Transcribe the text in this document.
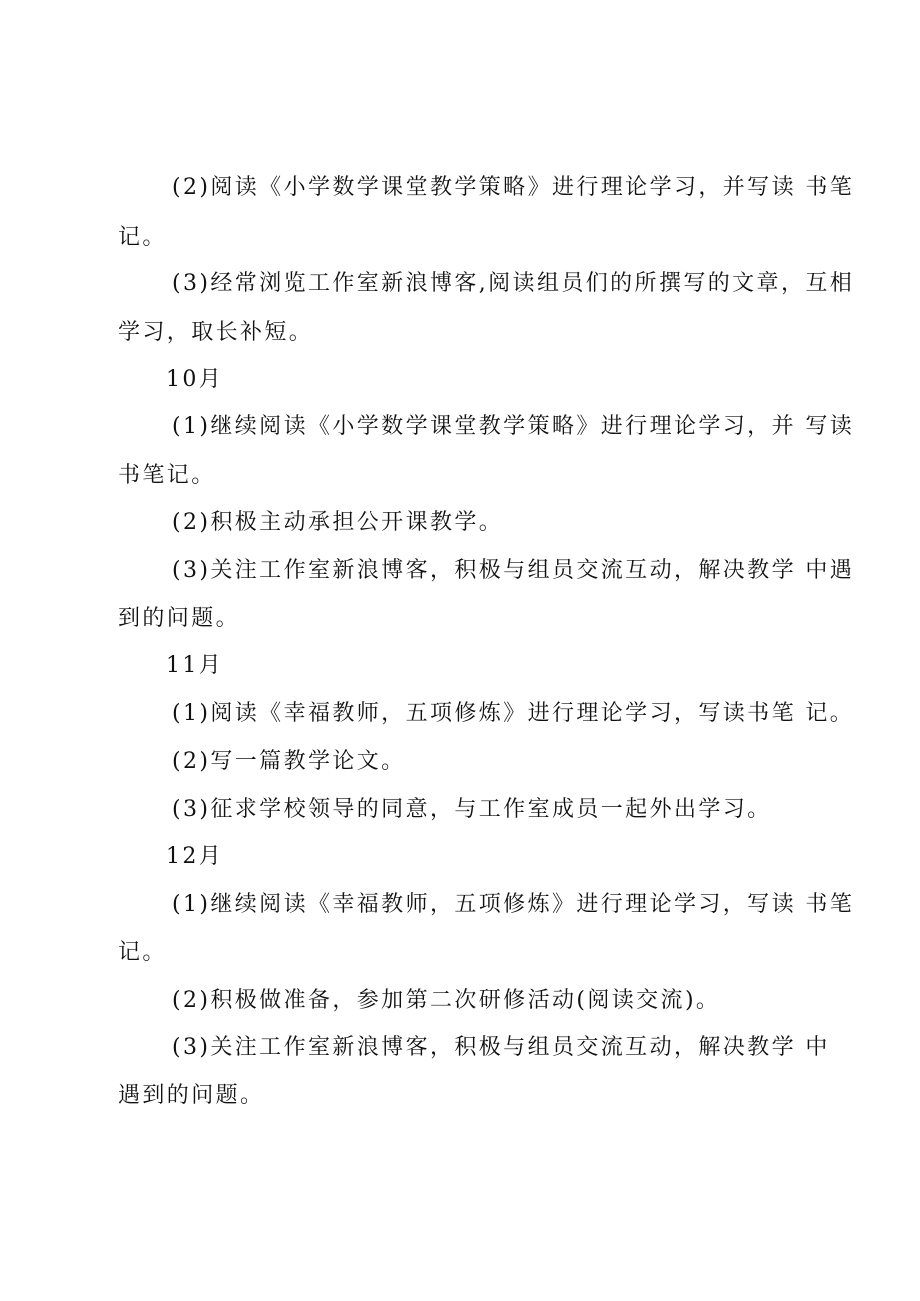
(2)阅读《小学数学课堂教学策略》进行理论学习，并写读 书笔
记。
(3)经常浏览工作室新浪博客,阅读组员们的所撰写的文章，互相
学习，取长补短。
10月
(1)继续阅读《小学数学课堂教学策略》进行理论学习，并 写读
书笔记。
(2)积极主动承担公开课教学。
(3)关注工作室新浪博客，积极与组员交流互动，解决教学 中遇
到的问题。
11月
(1)阅读《幸福教师，五项修炼》进行理论学习，写读书笔 记。
(2)写一篇教学论文。
(3)征求学校领导的同意，与工作室成员一起外出学习。
12月
(1)继续阅读《幸福教师，五项修炼》进行理论学习，写读 书笔
记。
(2)积极做准备，参加第二次研修活动(阅读交流)。
(3)关注工作室新浪博客，积极与组员交流互动，解决教学 中
遇到的问题。
